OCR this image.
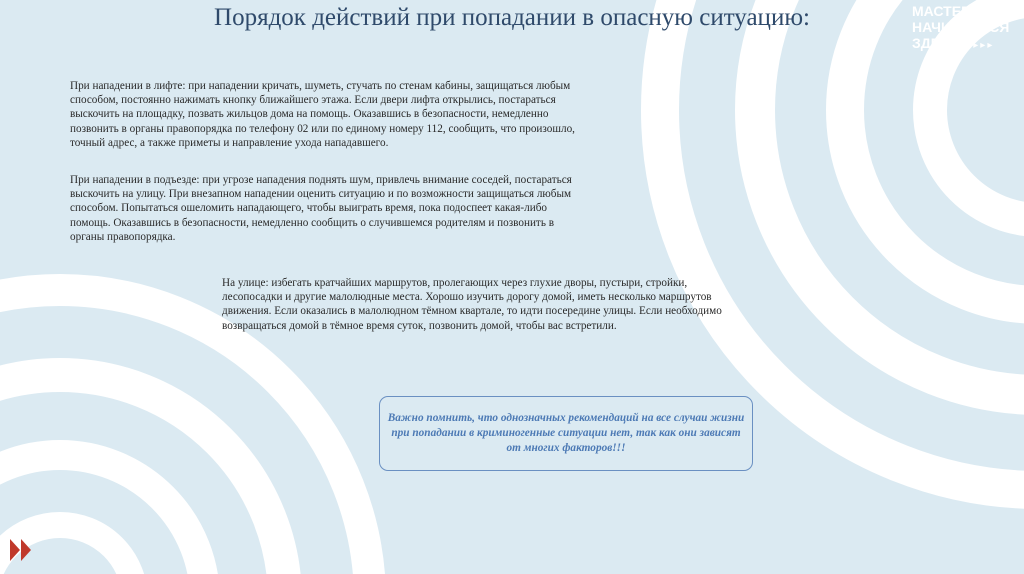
Порядок действий при попадании в опасную ситуацию:	МАСТЕРСТВО
НАЧИНАЕТСЯ
ЗДЕСЬ ▸▸▸▸
При нападении в лифте: при нападении кричать, шуметь, стучать по стенам кабины, защищаться любым способом, постоянно нажимать кнопку ближайшего этажа. Если двери лифта открылись, постараться выскочить на площадку, позвать жильцов дома на помощь. Оказавшись в безопасности, немедленно позвонить в органы правопорядка по телефону 02 или по единому номеру 112, сообщить, что произошло, точный адрес, а также приметы и направление ухода нападавшего.
При нападении в подъезде: при угрозе нападения поднять шум, привлечь внимание соседей, постараться выскочить на улицу. При внезапном нападении оценить ситуацию и по возможности защищаться любым способом. Попытаться ошеломить нападающего, чтобы выиграть время, пока подоспеет какая-либо помощь. Оказавшись в безопасности, немедленно сообщить о случившемся родителям и позвонить в органы правопорядка.
На улице: избегать кратчайших маршрутов, пролегающих через глухие дворы, пустыри, стройки, лесопосадки и другие малолюдные места. Хорошо изучить дорогу домой, иметь несколько маршрутов движения. Если оказались в малолюдном тёмном квартале, то идти посередине улицы. Если необходимо возвращаться домой в тёмное время суток, позвонить домой, чтобы вас встретили.
Важно помнить, что однозначных рекомендаций на все случаи жизни при попадании в криминогенные ситуации нет, так как они зависят от многих факторов!!!
